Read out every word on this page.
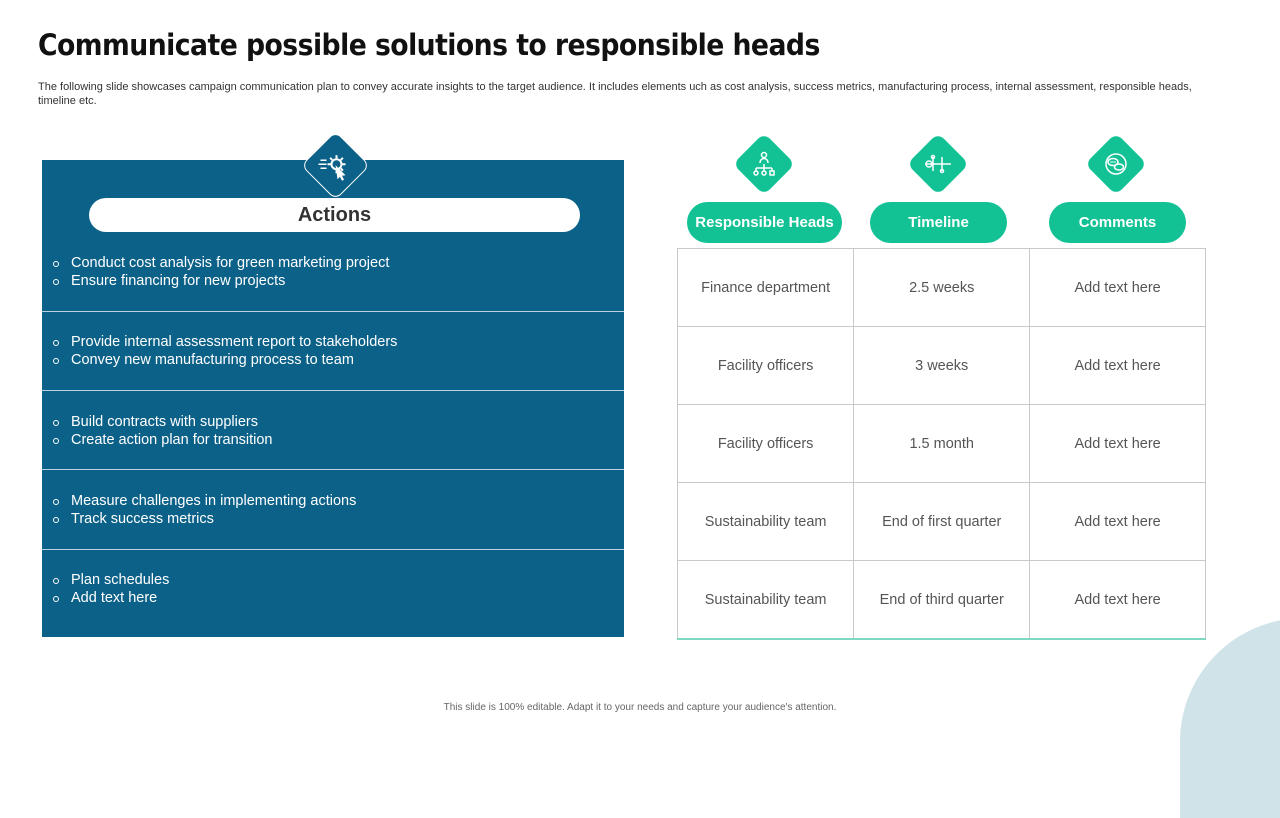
Communicate possible solutions to responsible heads
The following slide showcases campaign communication plan to convey accurate insights to the target audience. It includes elements uch as cost analysis, success metrics, manufacturing process, internal assessment, responsible heads, timeline etc.
Actions
Conduct cost analysis for green marketing project
Ensure financing for new projects
Provide internal assessment report to stakeholders
Convey new manufacturing process to team
Build contracts with suppliers
Create action plan for transition
Measure challenges in implementing actions
Track success metrics
Plan schedules
Add text here
Responsible Heads	Timeline	Comments
Finance department	2.5 weeks	Add text here
Facility officers	3 weeks	Add text here
Facility officers	1.5 month	Add text here
Sustainability team	End of first quarter	Add text here
Sustainability team	End of third quarter	Add text here
This slide is 100% editable. Adapt it to your needs and capture your audience's attention.
